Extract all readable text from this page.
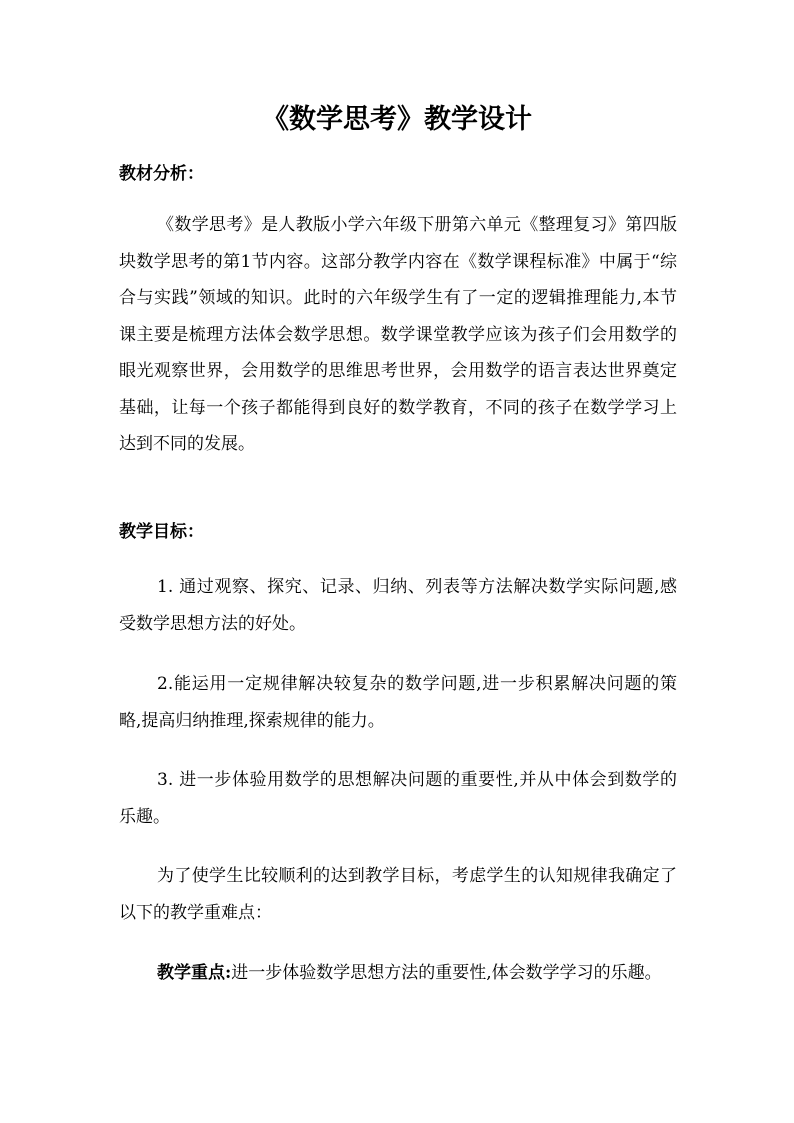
《数学思考》教学设计
教材分析：

《数学思考》是人教版小学六年级下册第六单元《整理复习》第四版块数学思考的第1节内容。这部分教学内容在《数学课程标准》中属于“综合与实践”领域的知识。此时的六年级学生有了一定的逻辑推理能力,本节课主要是梳理方法体会数学思想。数学课堂教学应该为孩子们会用数学的眼光观察世界，会用数学的思维思考世界，会用数学的语言表达世界奠定基础，让每一个孩子都能得到良好的数学教育，不同的孩子在数学学习上达到不同的发展。

教学目标：

1. 通过观察、探究、记录、归纳、列表等方法解决数学实际问题,感受数学思想方法的好处。

2.能运用一定规律解决较复杂的数学问题,进一步积累解决问题的策略,提高归纳推理,探索规律的能力。

3. 进一步体验用数学的思想解决问题的重要性,并从中体会到数学的乐趣。

为了使学生比较顺利的达到教学目标，考虑学生的认知规律我确定了以下的教学重难点：

教学重点:进一步体验数学思想方法的重要性,体会数学学习的乐趣。
